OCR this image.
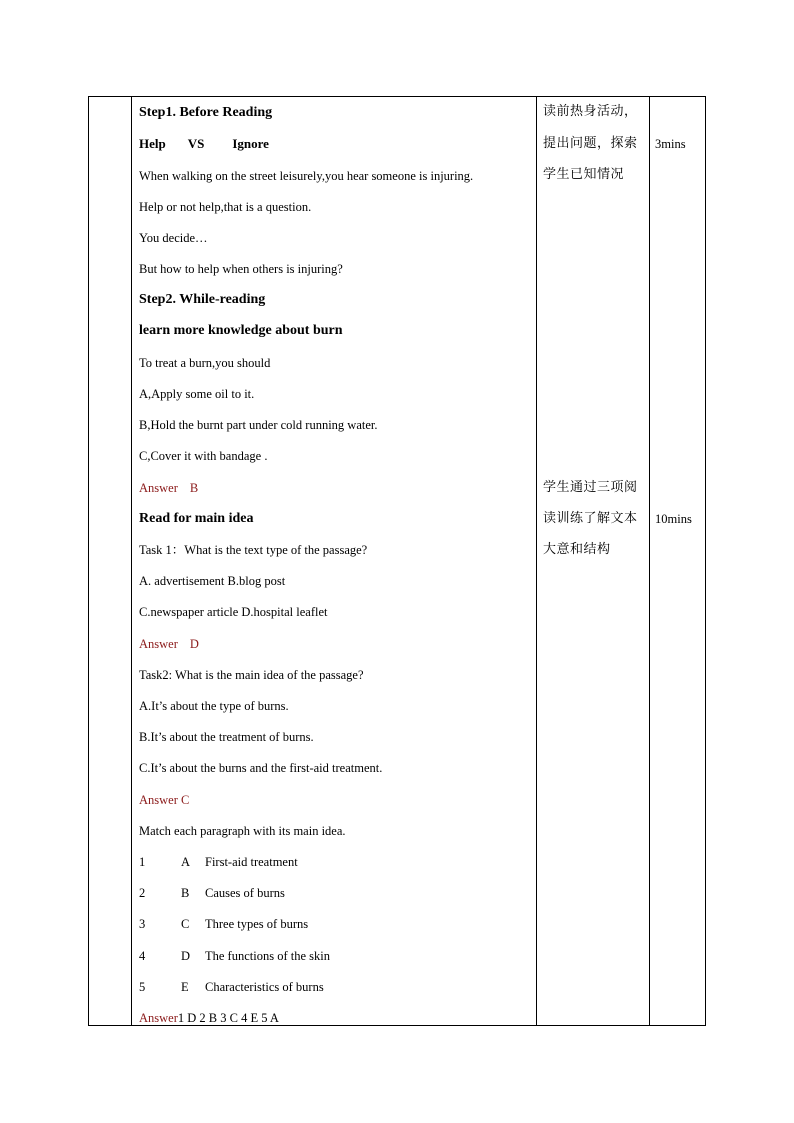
Step1. Before Reading
Help VS Ignore
When walking on the street leisurely,you hear someone is injuring.
Help or not help,that is a question.
You decide…
But how to help when others is injuring?
Step2. While-reading
learn more knowledge about burn
To treat a burn,you should
A,Apply some oil to it.
B,Hold the burnt part under cold running water.
C,Cover it with bandage .
Answer B
Read for main idea
Task 1：What is the text type of the passage?
A. advertisement B.blog post
C.newspaper article D.hospital leaflet
Answer D
Task2: What is the main idea of the passage?
A.It’s about the type of burns.
B.It’s about the treatment of burns.
C.It’s about the burns and the first-aid treatment.
Answer C
Match each paragraph with its main idea.
1	A First-aid treatment
2	B Causes of burns
3	C Three types of burns
4	D The functions of the skin
5	E Characteristics of burns
Answer1 D 2 B 3 C 4 E 5 A
读前热身活动，
提出问题，探索
学生已知情况
学生通过三项阅
读训练了解文本
大意和结构
3mins
10mins
